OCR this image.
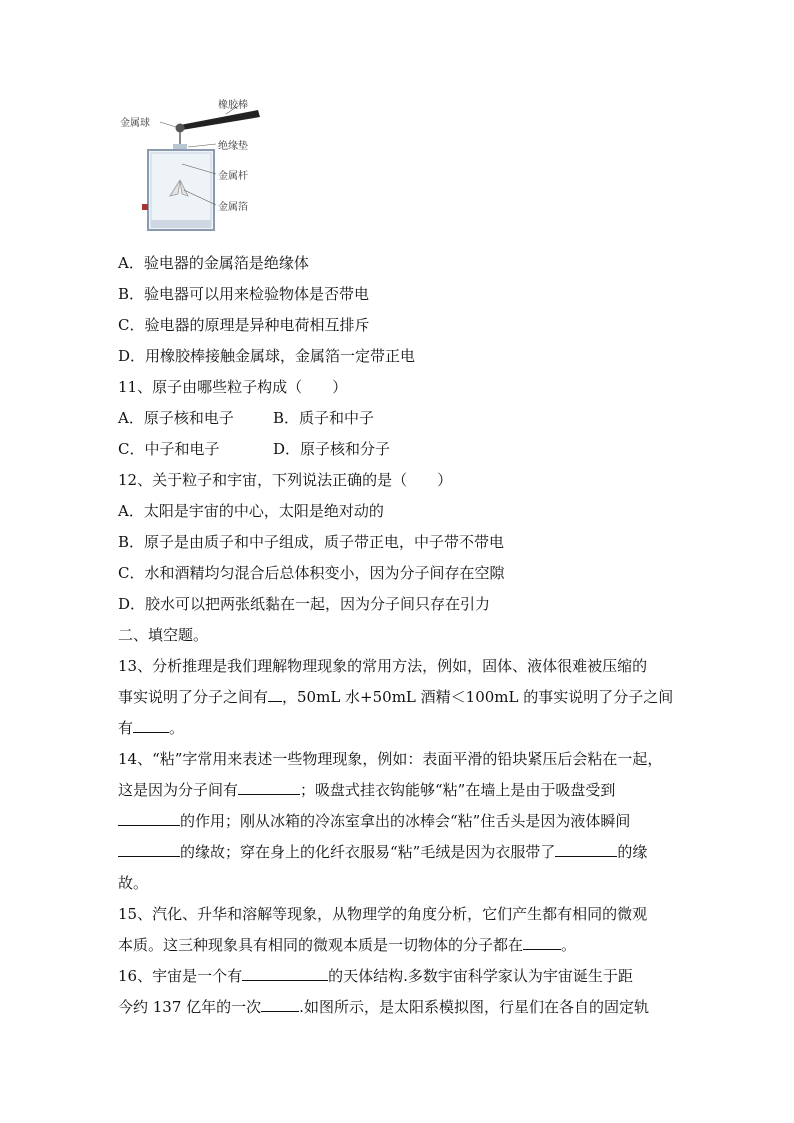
橡胶棒
金属球
绝缘垫
金属杆
金属箔
A．验电器的金属箔是绝缘体
B．验电器可以用来检验物体是否带电
C．验电器的原理是异种电荷相互排斥
D．用橡胶棒接触金属球，金属箔一定带正电
11、原子由哪些粒子构成（　　）
A．原子核和电子	B．质子和中子
C．中子和电子	D．原子核和分子
12、关于粒子和宇宙，下列说法正确的是（　　）
A．太阳是宇宙的中心，太阳是绝对动的
B．原子是由质子和中子组成，质子带正电，中子带不带电
C．水和酒精均匀混合后总体积变小，因为分子间存在空隙
D．胶水可以把两张纸黏在一起，因为分子间只存在引力
二、填空题。
13、分析推理是我们理解物理现象的常用方法，例如，固体、液体很难被压缩的
事实说明了分子之间有 ，50mL 水+50mL 酒精＜100mL 的事实说明了分子之间
有 。
14、“粘”字常用来表述一些物理现象，例如：表面平滑的铅块紧压后会粘在一起，
这是因为分子间有	；吸盘式挂衣钩能够“粘”在墙上是由于吸盘受到
的作用；刚从冰箱的冷冻室拿出的冰棒会“粘”住舌头是因为液体瞬间
的缘故；穿在身上的化纤衣服易“粘”毛绒是因为衣服带了	的缘
故。
15、汽化、升华和溶解等现象，从物理学的角度分析，它们产生都有相同的微观
本质。这三种现象具有相同的微观本质是一切物体的分子都在	。
16、宇宙是一个有	的天体结构.多数宇宙科学家认为宇宙诞生于距
今约 137 亿年的一次	.如图所示，是太阳系模拟图，行星们在各自的固定轨
